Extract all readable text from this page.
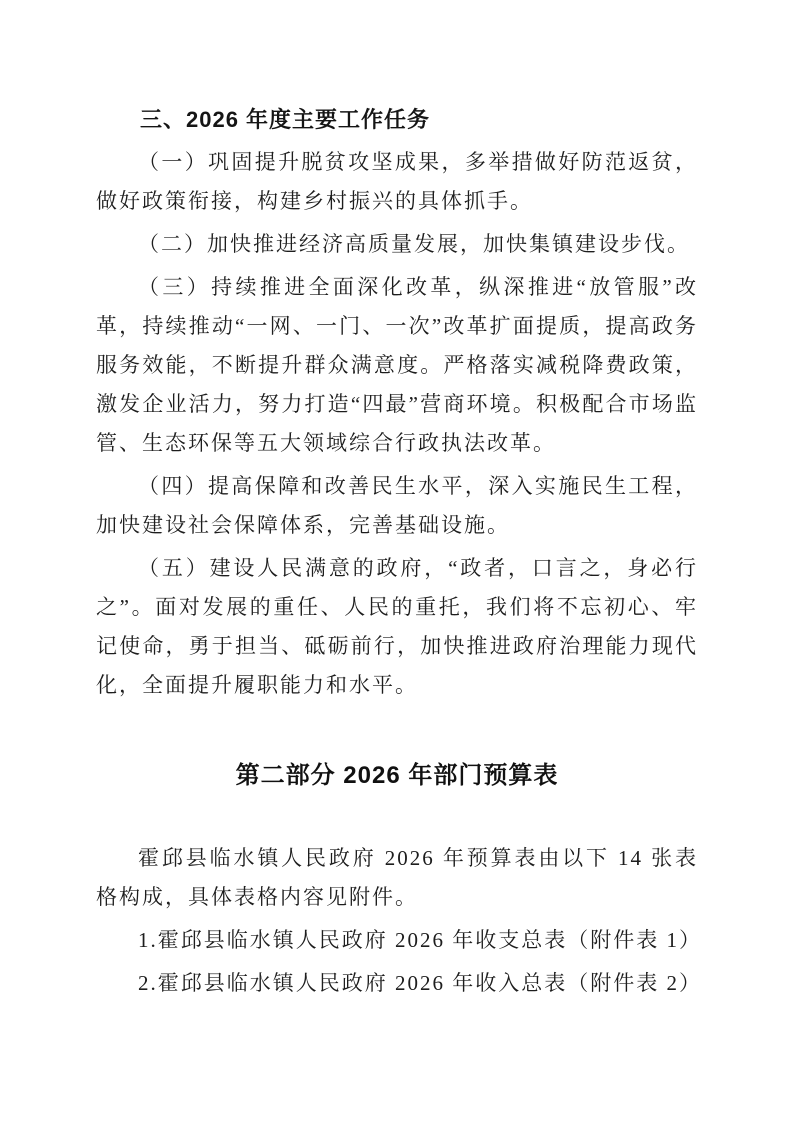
三、2026 年度主要工作任务

（一）巩固提升脱贫攻坚成果，多举措做好防范返贫，做好政策衔接，构建乡村振兴的具体抓手。

（二）加快推进经济高质量发展，加快集镇建设步伐。

（三）持续推进全面深化改革，纵深推进“放管服”改革，持续推动“一网、一门、一次”改革扩面提质，提高政务服务效能，不断提升群众满意度。严格落实减税降费政策，激发企业活力，努力打造“四最”营商环境。积极配合市场监管、生态环保等五大领域综合行政执法改革。

（四）提高保障和改善民生水平，深入实施民生工程，加快建设社会保障体系，完善基础设施。

（五）建设人民满意的政府，“政者，口言之，身必行之”。面对发展的重任、人民的重托，我们将不忘初心、牢记使命，勇于担当、砥砺前行，加快推进政府治理能力现代化，全面提升履职能力和水平。

第二部分 2026 年部门预算表

霍邱县临水镇人民政府 2026 年预算表由以下 14 张表格构成，具体表格内容见附件。

1.霍邱县临水镇人民政府 2026 年收支总表（附件表 1）

2.霍邱县临水镇人民政府 2026 年收入总表（附件表 2）
